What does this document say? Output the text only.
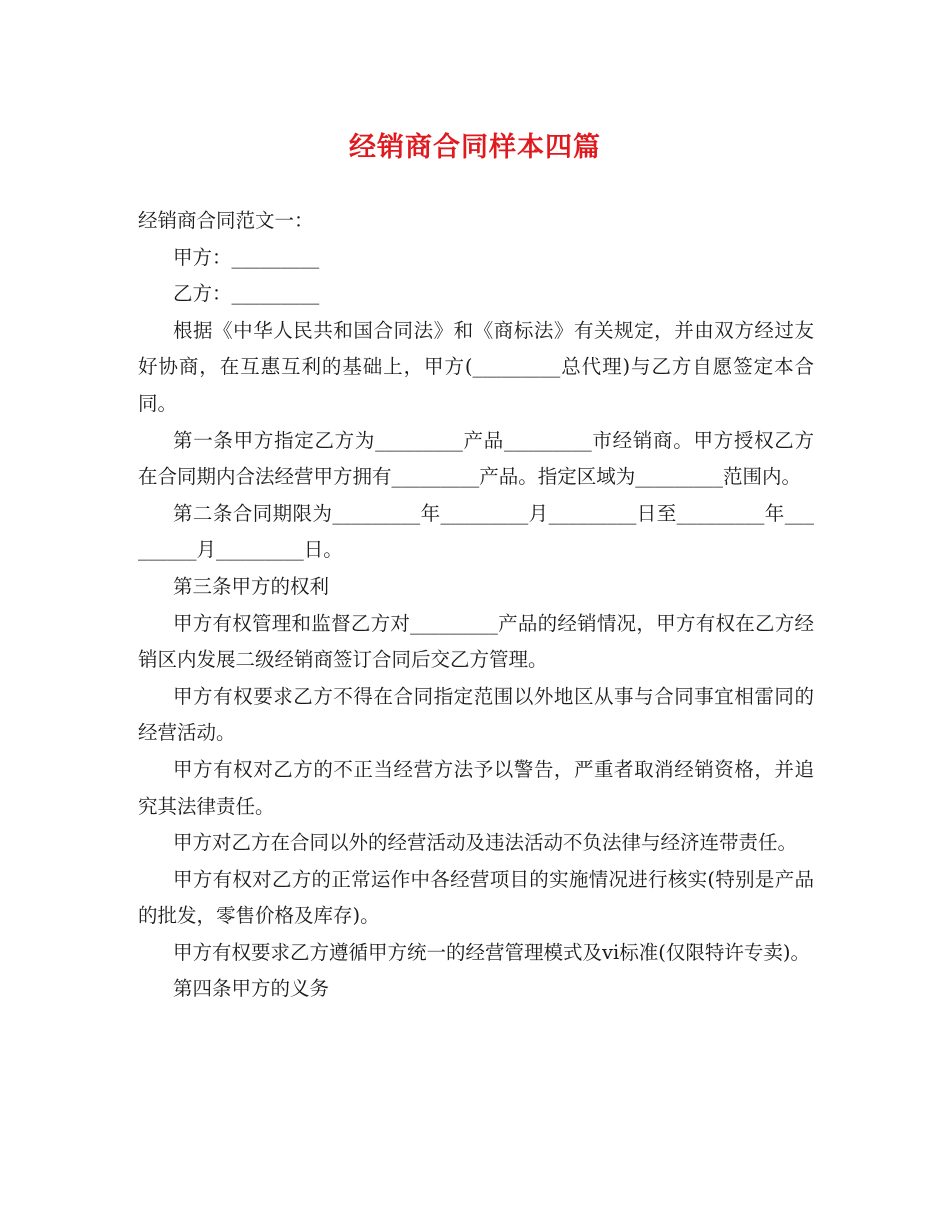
经销商合同样本四篇

经销商合同范文一：

甲方：_________

乙方：_________

根据《中华人民共和国合同法》和《商标法》有关规定，并由双方经过友好协商，在互惠互利的基础上，甲方(_________总代理)与乙方自愿签定本合同。

第一条甲方指定乙方为_________产品_________市经销商。甲方授权乙方在合同期内合法经营甲方拥有_________产品。指定区域为_________范围内。

第二条合同期限为_________年_________月_________日至_________年_________月_________日。

第三条甲方的权利

甲方有权管理和监督乙方对_________产品的经销情况，甲方有权在乙方经销区内发展二级经销商签订合同后交乙方管理。

甲方有权要求乙方不得在合同指定范围以外地区从事与合同事宜相雷同的经营活动。

甲方有权对乙方的不正当经营方法予以警告，严重者取消经销资格，并追究其法律责任。

甲方对乙方在合同以外的经营活动及违法活动不负法律与经济连带责任。

甲方有权对乙方的正常运作中各经营项目的实施情况进行核实(特别是产品的批发，零售价格及库存)。

甲方有权要求乙方遵循甲方统一的经营管理模式及vi标准(仅限特许专卖)。

第四条甲方的义务
